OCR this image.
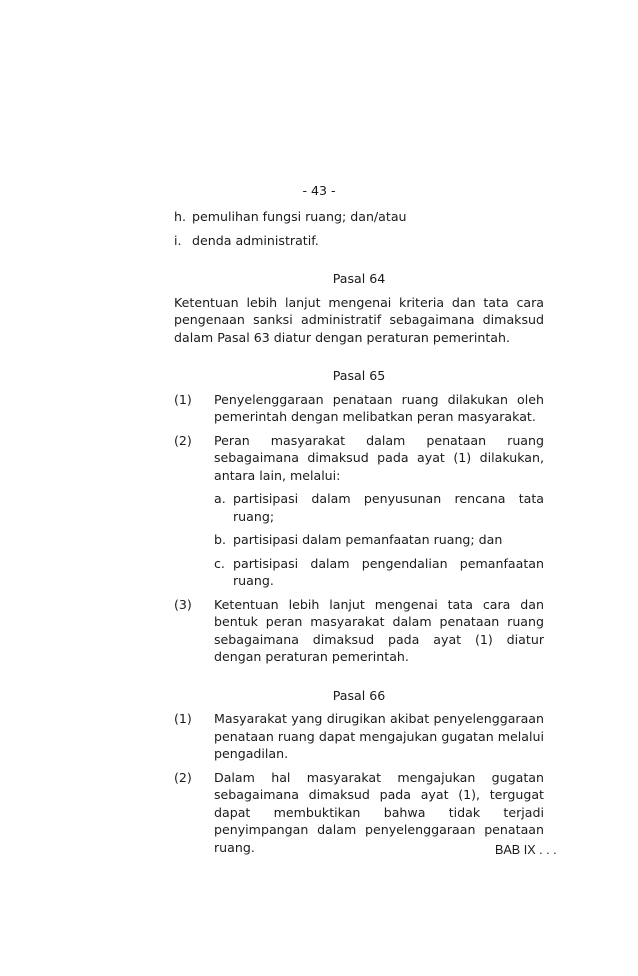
- 43 -
h. pemulihan fungsi ruang; dan/atau
i. denda administratif.
Pasal 64
Ketentuan lebih lanjut mengenai kriteria dan tata cara pengenaan sanksi administratif sebagaimana dimaksud dalam Pasal 63 diatur dengan peraturan pemerintah.
Pasal 65
(1)	Penyelenggaraan penataan ruang dilakukan oleh pemerintah dengan melibatkan peran masyarakat.
(2)	Peran masyarakat dalam penataan ruang sebagaimana dimaksud pada ayat (1) dilakukan, antara lain, melalui:
a. partisipasi dalam penyusunan rencana tata ruang;
b. partisipasi dalam pemanfaatan ruang; dan
c. partisipasi dalam pengendalian pemanfaatan ruang.
(3)	Ketentuan lebih lanjut mengenai tata cara dan bentuk peran masyarakat dalam penataan ruang sebagaimana dimaksud pada ayat (1) diatur dengan peraturan pemerintah.
Pasal 66
(1)	Masyarakat yang dirugikan akibat penyelenggaraan penataan ruang dapat mengajukan gugatan melalui pengadilan.
(2)	Dalam hal masyarakat mengajukan gugatan sebagaimana dimaksud pada ayat (1), tergugat dapat membuktikan bahwa tidak terjadi penyimpangan dalam penyelenggaraan penataan ruang.	BAB IX . . .
